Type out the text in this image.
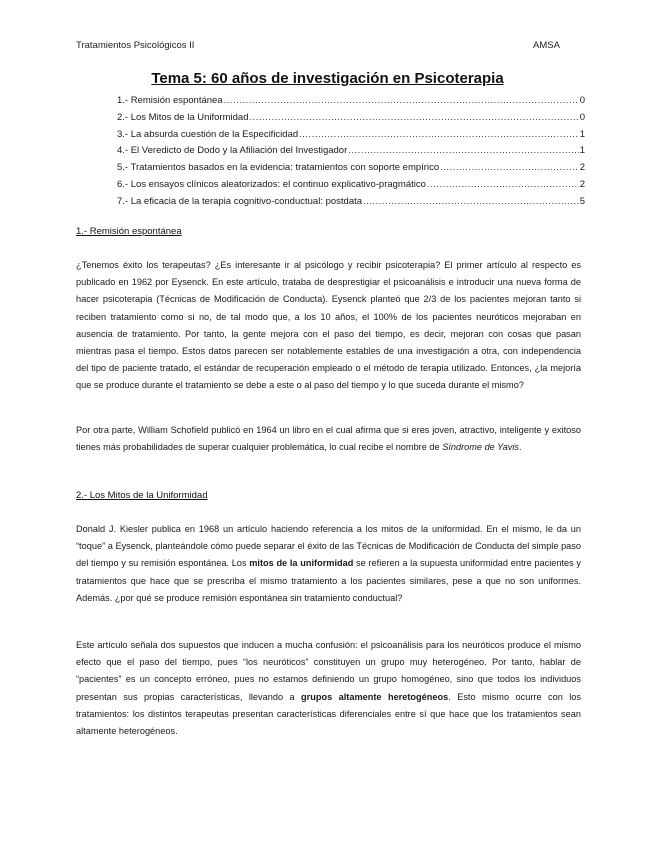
Tratamientos Psicológicos II	AMSA
Tema 5: 60 años de investigación en Psicoterapia
1.- Remisión espontánea .....	0
2.- Los Mitos de la Uniformidad .....	0
3.- La absurda cuestión de la Especificidad .....	1
4.- El Veredicto de Dodo y la Afiliación del Investigador .....	1
5.- Tratamientos basados en la evidencia: tratamientos con soporte empírico .....	2
6.- Los ensayos clínicos aleatorizados: el continuo explicativo-pragmático .....	2
7.- La eficacia de la terapia cognitivo-conductual: postdata .....	5
1.- Remisión espontánea

¿Tenemos éxito los terapeutas? ¿Es interesante ir al psicólogo y recibir psicoterapia? El primer artículo al respecto es publicado en 1962 por Eysenck. En este artículo, trataba de desprestigiar el psicoanálisis e introducir una nueva forma de hacer psicoterapia (Técnicas de Modificación de Conducta). Eysenck planteó que 2/3 de los pacientes mejoran tanto si reciben tratamiento como si no, de tal modo que, a los 10 años, el 100% de los pacientes neuróticos mejoraban en ausencia de tratamiento. Por tanto, la gente mejora con el paso del tiempo, es decir, mejoran con cosas que pasan mientras pasa el tiempo. Estos datos parecen ser notablemente estables de una investigación a otra, con independencia del tipo de paciente tratado, el estándar de recuperación empleado o el método de terapia utilizado. Entonces, ¿la mejoría que se produce durante el tratamiento se debe a este o al paso del tiempo y lo que suceda durante el mismo?

Por otra parte, William Schofield publicó en 1964 un libro en el cual afirma que si eres joven, atractivo, inteligente y exitoso tienes más probabilidades de superar cualquier problemática, lo cual recibe el nombre de Síndrome de Yavis.

2.- Los Mitos de la Uniformidad

Donald J. Kiesler publica en 1968 un artículo haciendo referencia a los mitos de la uniformidad. En el mismo, le da un “toque” a Eysenck, planteándole cómo puede separar el éxito de las Técnicas de Modificación de Conducta del simple paso del tiempo y su remisión espontánea. Los mitos de la uniformidad se refieren a la supuesta uniformidad entre pacientes y tratamientos que hace que se prescriba el mismo tratamiento a los pacientes similares, pese a que no son uniformes. Además. ¿por qué se produce remisión espontánea sin tratamiento conductual?

Este artículo señala dos supuestos que inducen a mucha confusión: el psicoanálisis para los neuróticos produce el mismo efecto que el paso del tiempo, pues “los neuróticos” constituyen un grupo muy heterogéneo. Por tanto, hablar de “pacientes” es un concepto erróneo, pues no estamos definiendo un grupo homogéneo, sino que todos los individuos presentan sus propias características, llevando a grupos altamente heretogéneos. Esto mismo ocurre con los tratamientos: los distintos terapeutas presentan características diferenciales entre sí que hace que los tratamientos sean altamente heterogéneos.
